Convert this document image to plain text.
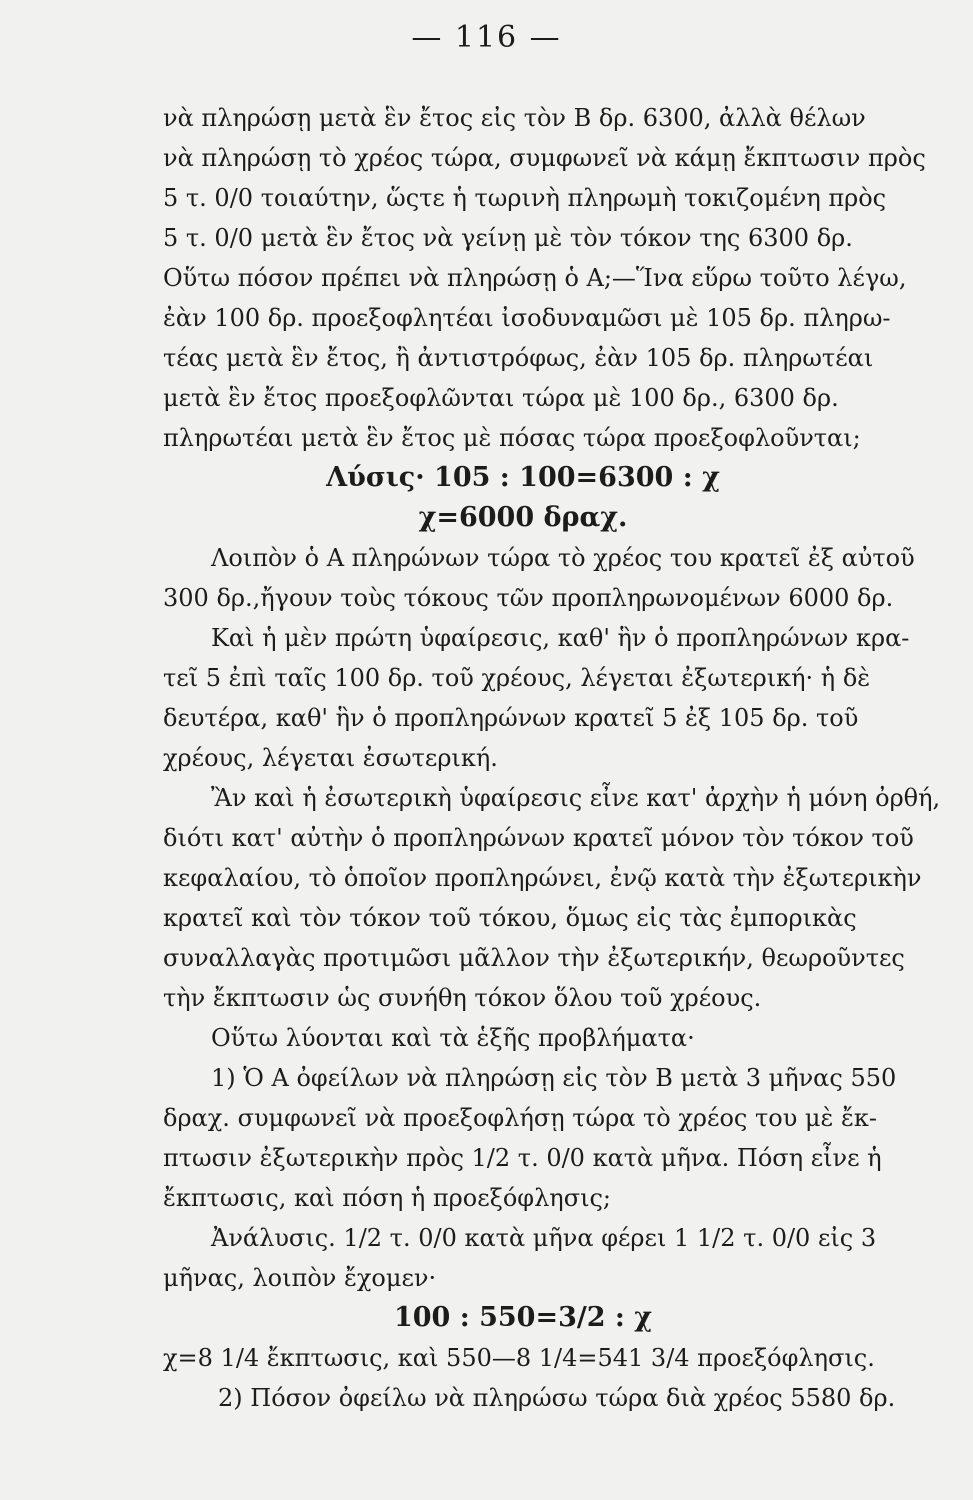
— 116 —
νὰ πληρώσῃ μετὰ ἓν ἔτος εἰς τὸν Β δρ. 6300, ἀλλὰ θέλων
νὰ πληρώσῃ τὸ χρέος τώρα, συμφωνεῖ νὰ κάμῃ ἔκπτωσιν πρὸς
5 τ. 0/0 τοιαύτην, ὥςτε ἡ τωρινὴ πληρωμὴ τοκιζομένη πρὸς
5 τ. 0/0 μετὰ ἓν ἔτος νὰ γείνῃ μὲ τὸν τόκον της 6300 δρ.
Οὕτω πόσον πρέπει νὰ πληρώσῃ ὁ Α;—Ἵνα εὕρω τοῦτο λέγω,
ἐὰν 100 δρ. προεξοφλητέαι ἰσοδυναμῶσι μὲ 105 δρ. πληρω-
τέας μετὰ ἓν ἔτος, ἢ ἀντιστρόφως, ἐὰν 105 δρ. πληρωτέαι
μετὰ ἓν ἔτος προεξοφλῶνται τώρα μὲ 100 δρ., 6300 δρ.
πληρωτέαι μετὰ ἓν ἔτος μὲ πόσας τώρα προεξοφλοῦνται;
Λύσις· 105 : 100=6300 : χ
χ=6000 δραχ.
Λοιπὸν ὁ Α πληρώνων τώρα τὸ χρέος του κρατεῖ ἐξ αὐτοῦ
300 δρ.,ἤγουν τοὺς τόκους τῶν προπληρωνομένων 6000 δρ.
Καὶ ἡ μὲν πρώτη ὑφαίρεσις, καθ' ἣν ὁ προπληρώνων κρα-
τεῖ 5 ἐπὶ ταῖς 100 δρ. τοῦ χρέους, λέγεται ἐξωτερική· ἡ δὲ
δευτέρα, καθ' ἣν ὁ προπληρώνων κρατεῖ 5 ἐξ 105 δρ. τοῦ
χρέους, λέγεται ἐσωτερική.
Ἂν καὶ ἡ ἐσωτερικὴ ὑφαίρεσις εἶνε κατ' ἀρχὴν ἡ μόνη ὀρθή,
διότι κατ' αὐτὴν ὁ προπληρώνων κρατεῖ μόνον τὸν τόκον τοῦ
κεφαλαίου, τὸ ὁποῖον προπληρώνει, ἐνῷ κατὰ τὴν ἐξωτερικὴν
κρατεῖ καὶ τὸν τόκον τοῦ τόκου, ὅμως εἰς τὰς ἐμπορικὰς
συναλλαγὰς προτιμῶσι μᾶλλον τὴν ἐξωτερικήν, θεωροῦντες
τὴν ἔκπτωσιν ὡς συνήθη τόκον ὅλου τοῦ χρέους.
Οὕτω λύονται καὶ τὰ ἑξῆς προβλήματα·
1) Ὁ Α ὀφείλων νὰ πληρώσῃ εἰς τὸν Β μετὰ 3 μῆνας 550
δραχ. συμφωνεῖ νὰ προεξοφλήσῃ τώρα τὸ χρέος του μὲ ἔκ-
πτωσιν ἐξωτερικὴν πρὸς 1/2 τ. 0/0 κατὰ μῆνα. Πόση εἶνε ἡ
ἔκπτωσις, καὶ πόση ἡ προεξόφλησις;
Ἀνάλυσις. 1/2 τ. 0/0 κατὰ μῆνα φέρει 1 1/2 τ. 0/0 εἰς 3
μῆνας, λοιπὸν ἔχομεν·
100 : 550=3/2 : χ
χ=8 1/4 ἔκπτωσις, καὶ 550—8 1/4=541 3/4 προεξόφλησις.
2) Πόσον ὀφείλω νὰ πληρώσω τώρα διὰ χρέος 5580 δρ.
